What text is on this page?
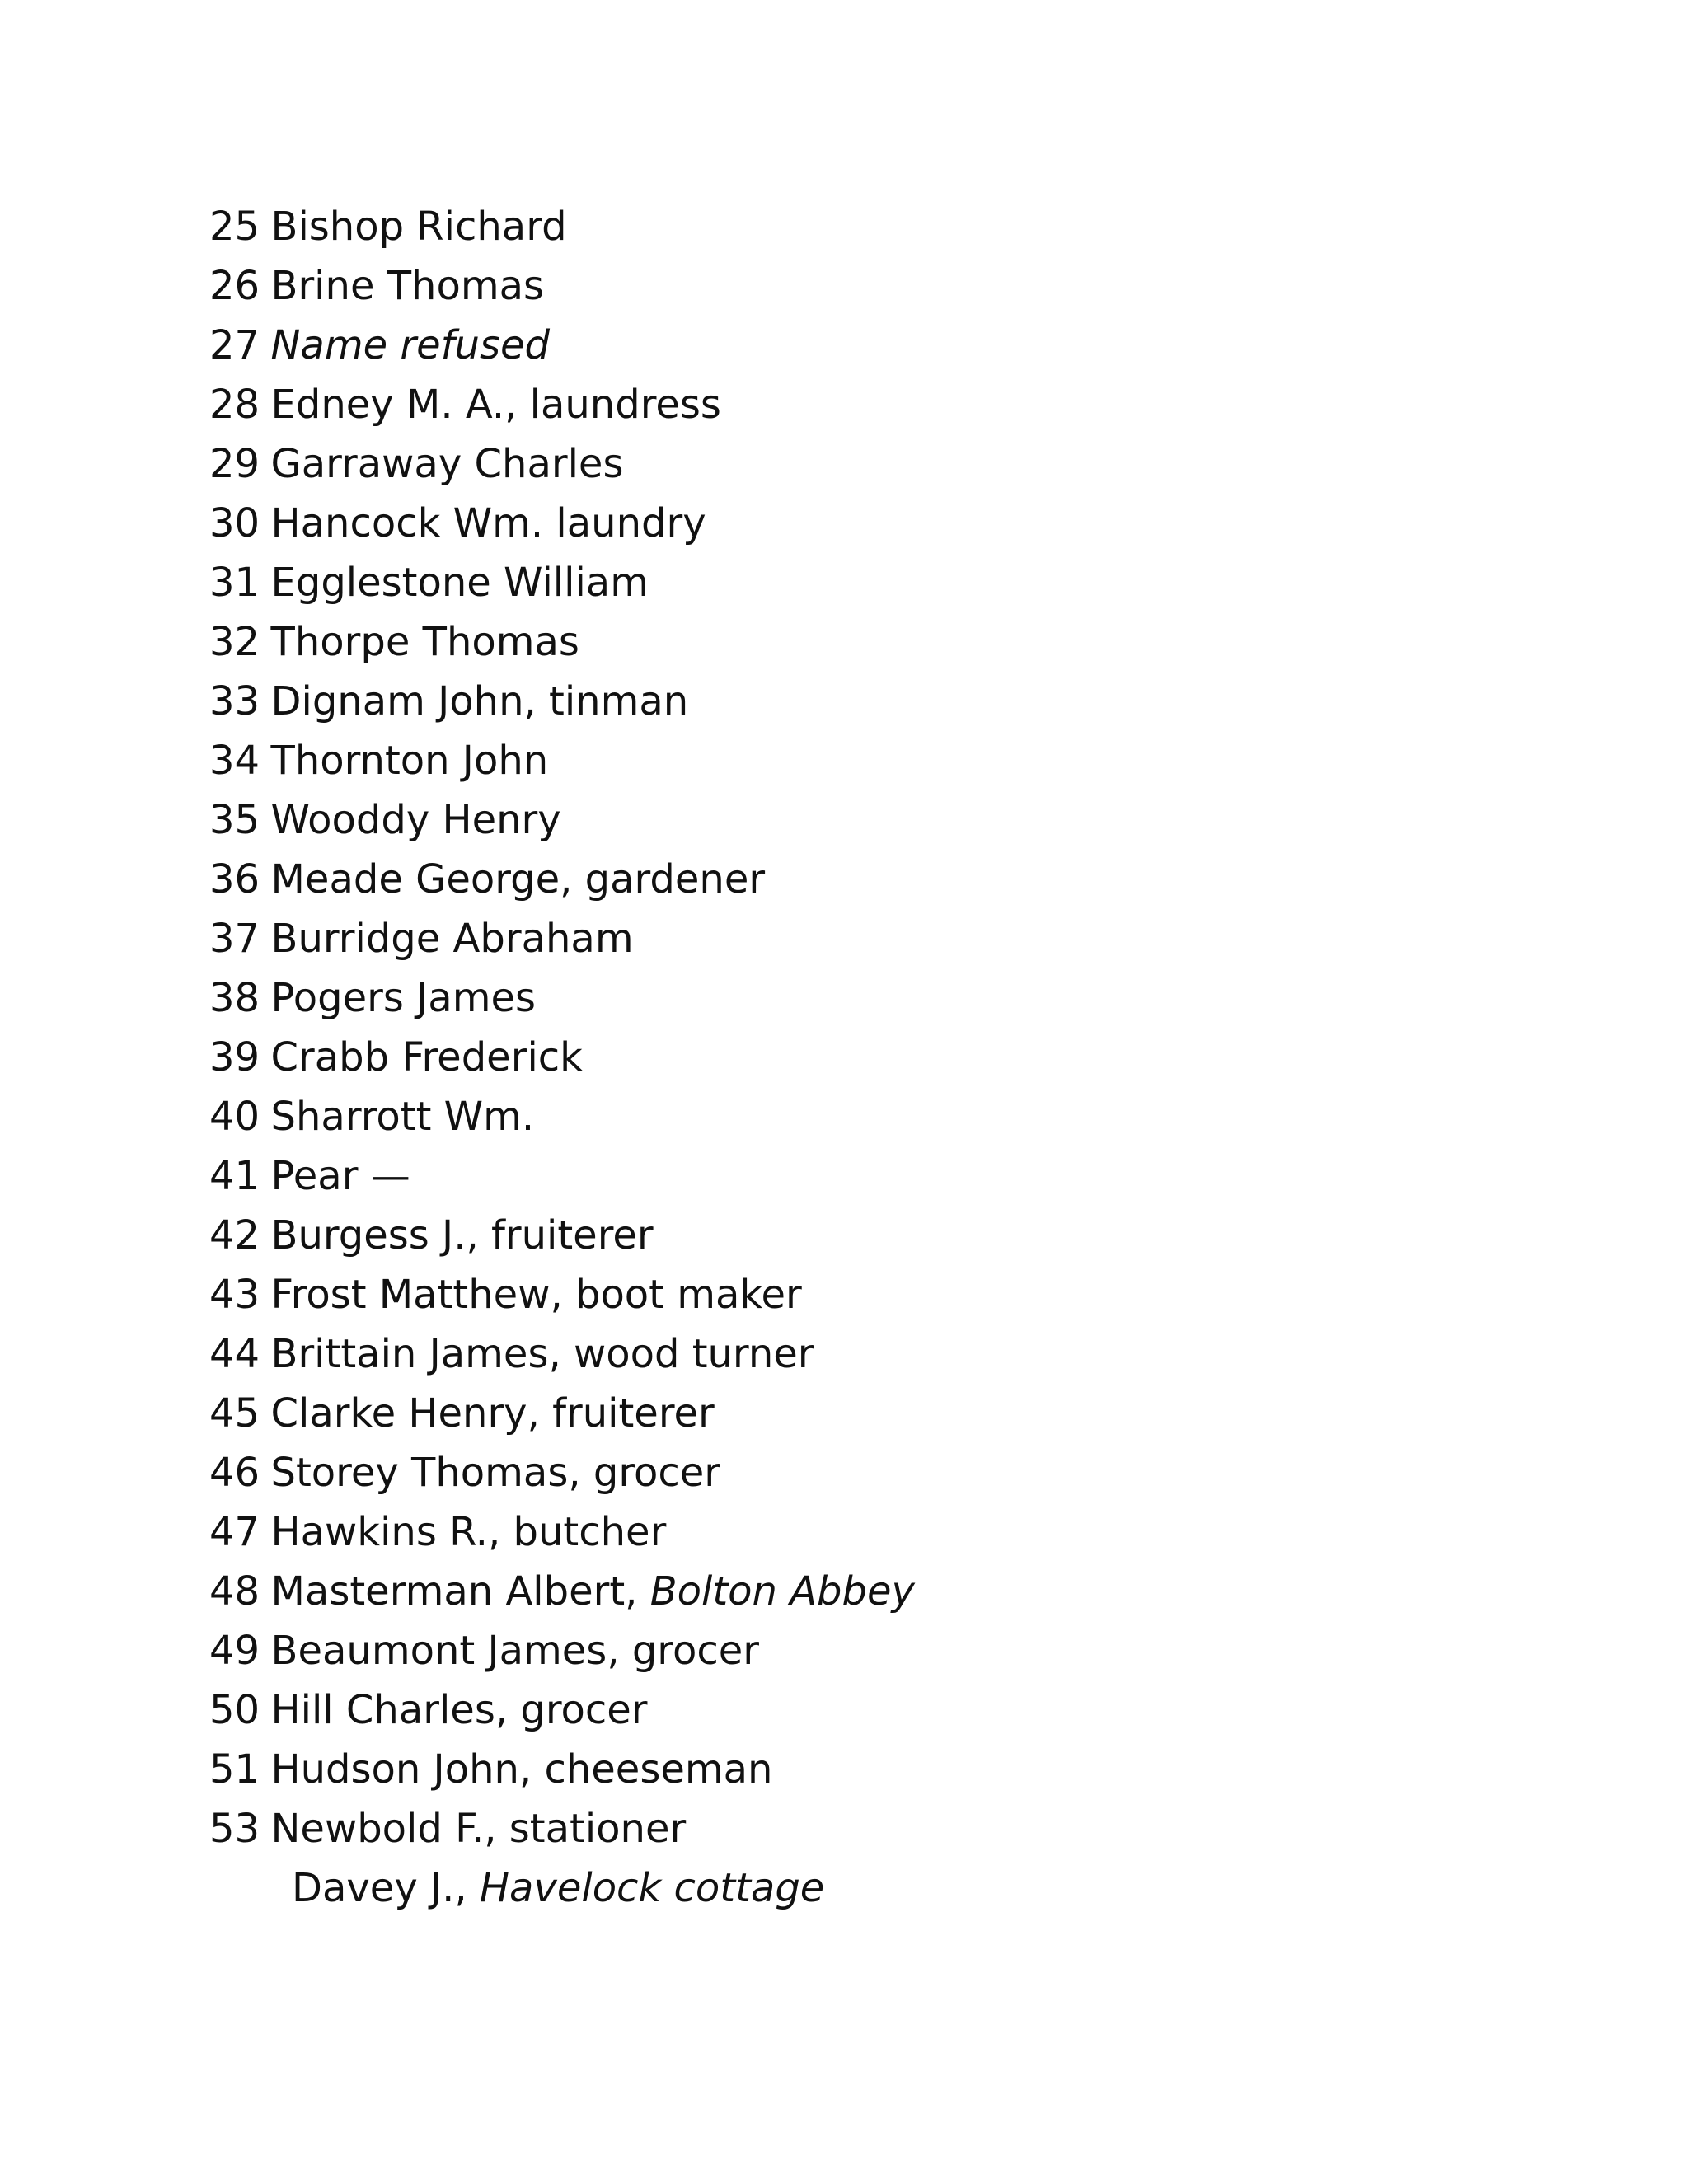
25 Bishop Richard
26 Brine Thomas
27 Name refused
28 Edney M. A., laundress
29 Garraway Charles
30 Hancock Wm. laundry
31 Egglestone William
32 Thorpe Thomas
33 Dignam John, tinman
34 Thornton John
35 Wooddy Henry
36 Meade George, gardener
37 Burridge Abraham
38 Pogers James
39 Crabb Frederick
40 Sharrott Wm.
41 Pear —
42 Burgess J., fruiterer
43 Frost Matthew, boot maker
44 Brittain James, wood turner
45 Clarke Henry, fruiterer
46 Storey Thomas, grocer
47 Hawkins R., butcher
48 Masterman Albert, Bolton Abbey
49 Beaumont James, grocer
50 Hill Charles, grocer
51 Hudson John, cheeseman
53 Newbold F., stationer
Davey J., Havelock cottage
